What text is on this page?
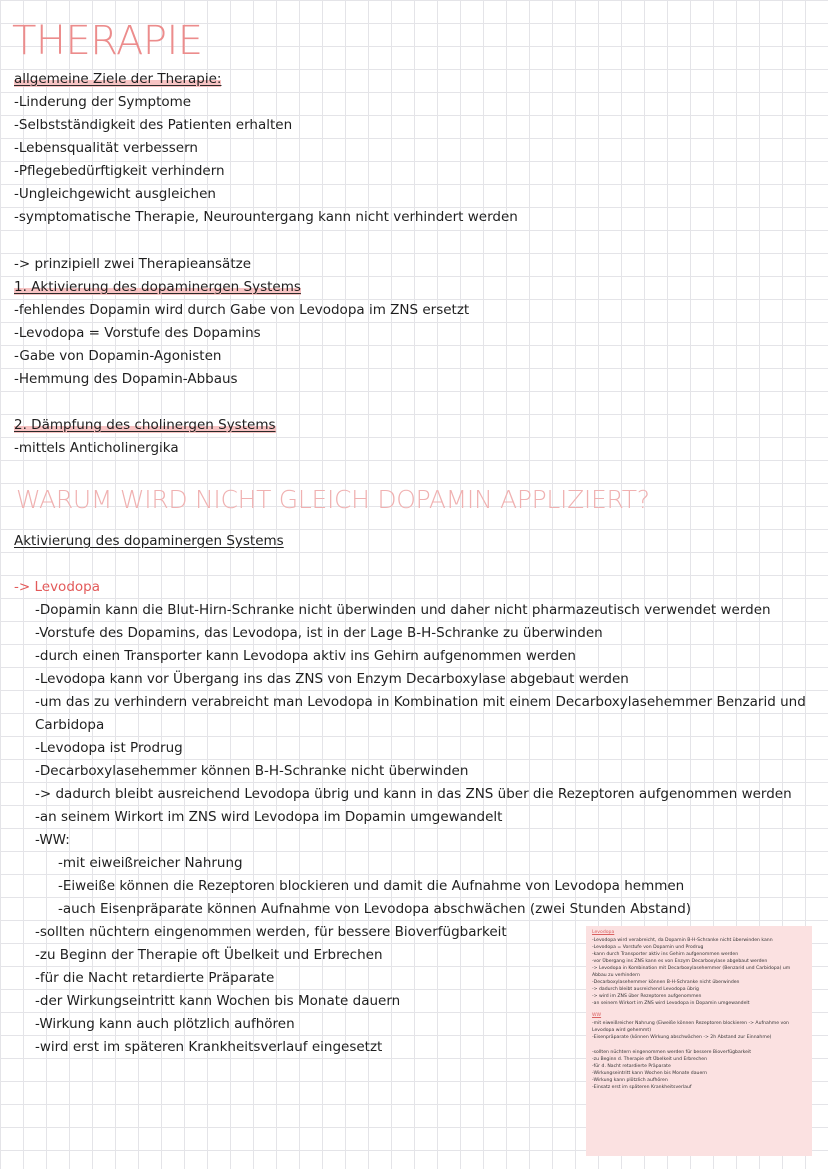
THERAPIE
allgemeine Ziele der Therapie:
-Linderung der Symptome
-Selbstständigkeit des Patienten erhalten
-Lebensqualität verbessern
-Pflegebedürftigkeit verhindern
-Ungleichgewicht ausgleichen
-symptomatische Therapie, Neurountergang kann nicht verhindert werden
-> prinzipiell zwei Therapieansätze
1. Aktivierung des dopaminergen Systems
-fehlendes Dopamin wird durch Gabe von Levodopa im ZNS ersetzt
-Levodopa = Vorstufe des Dopamins
-Gabe von Dopamin-Agonisten
-Hemmung des Dopamin-Abbaus
2. Dämpfung des cholinergen Systems
-mittels Anticholinergika
WARUM WIRD NICHT GLEICH DOPAMIN APPLIZIERT?
Aktivierung des dopaminergen Systems
-> Levodopa
-Dopamin kann die Blut-Hirn-Schranke nicht überwinden und daher nicht pharmazeutisch verwendet werden
-Vorstufe des Dopamins, das Levodopa, ist in der Lage B-H-Schranke zu überwinden
-durch einen Transporter kann Levodopa aktiv ins Gehirn aufgenommen werden
-Levodopa kann vor Übergang ins das ZNS von Enzym Decarboxylase abgebaut werden
-um das zu verhindern verabreicht man Levodopa in Kombination mit einem Decarboxylasehemmer Benzarid und
Carbidopa
-Levodopa ist Prodrug
-Decarboxylasehemmer können B-H-Schranke nicht überwinden
-> dadurch bleibt ausreichend Levodopa übrig und kann in das ZNS über die Rezeptoren aufgenommen werden
-an seinem Wirkort im ZNS wird Levodopa im Dopamin umgewandelt
-WW:
-mit eiweißreicher Nahrung
-Eiweiße können die Rezeptoren blockieren und damit die Aufnahme von Levodopa hemmen
-auch Eisenpräparate können Aufnahme von Levodopa abschwächen (zwei Stunden Abstand)
-sollten nüchtern eingenommen werden, für bessere Bioverfügbarkeit
-zu Beginn der Therapie oft Übelkeit und Erbrechen
-für die Nacht retardierte Präparate
-der Wirkungseintritt kann Wochen bis Monate dauern
-Wirkung kann auch plötzlich aufhören
-wird erst im späteren Krankheitsverlauf eingesetzt
Levodopa
-Levodopa wird verabreicht, da Dopamin B-H-Schranke nicht überwinden kann
-Levodopa = Vorstufe von Dopamin und Prodrug
-kann durch Transporter aktiv ins Gehirn aufgenommen werden
-vor Übergang ins ZNS kann es von Enzym Decarboxylase abgebaut werden
-> Levodopa in Kombination mit Decarboxylasehemmer (Benzarid und Carbidopa) um
Abbau zu verhindern
-Decarboxylasehemmer können B-H-Schranke nicht überwinden
-> dadurch bleibt ausreichend Levodopa übrig
-> wird im ZNS über Rezeptoren aufgenommen
-an seinem Wirkort im ZNS wird Levodopa in Dopamin umgewandelt
WW
-mit eiweißreicher Nahrung (Eiweiße können Rezeptoren blockieren -> Aufnahme von
Levodopa wird gehemmt)
-Eisenpräparate (können Wirkung abschwächen -> 2h Abstand zur Einnahme)
-sollten nüchtern eingenommen werden für bessere Bioverfügbarkeit
-zu Beginn d. Therapie oft Übelkeit und Erbrechen
-für d. Nacht retardierte Präparate
-Wirkungseintritt kann Wochen bis Monate dauern
-Wirkung kann plötzlich aufhören
-Einsatz erst im späteren Krankheitsverlauf
